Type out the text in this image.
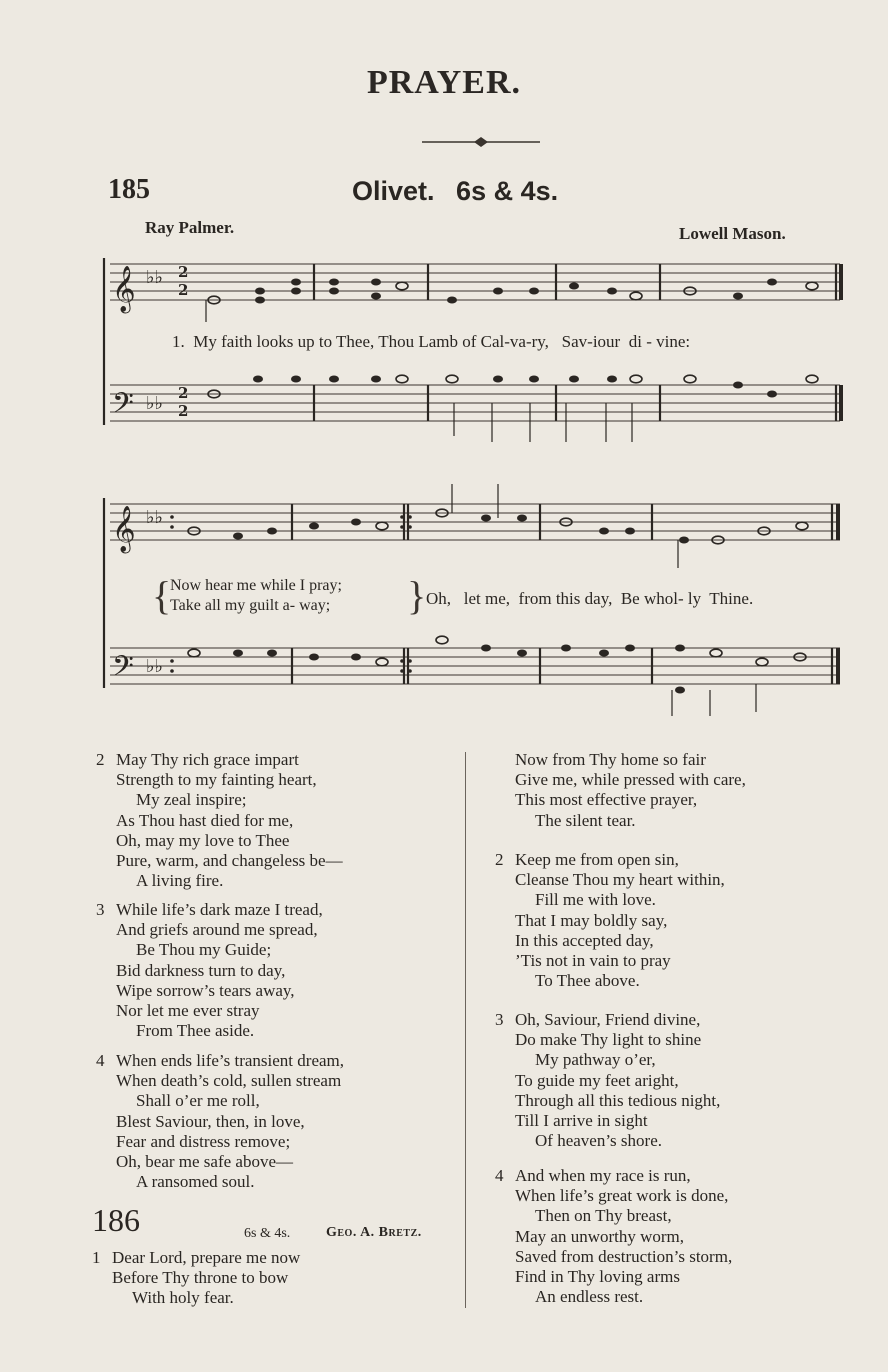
PRAYER.
185	Olivet. 6s & 4s.
Ray Palmer.	Lowell Mason.
𝄞
𝄢
♭♭
♭♭
2
2
2
2
1.  My faith looks up to Thee, Thou Lamb of Cal-va-ry,   Sav-iour  di - vine:
𝄞
𝄢
♭♭
♭♭
Now hear me while I pray;
Take all my guilt a- way;
{	} Oh,   let me,  from this day,  Be whol- ly  Thine.
2 May Thy rich grace impart
Strength to my fainting heart,
My zeal inspire;
As Thou hast died for me,
Oh, may my love to Thee
Pure, warm, and changeless be—
A living fire.
3 While life’s dark maze I tread,
And griefs around me spread,
Be Thou my Guide;
Bid darkness turn to day,
Wipe sorrow’s tears away,
Nor let me ever stray
From Thee aside.
4 When ends life’s transient dream,
When death’s cold, sullen stream
Shall o’er me roll,
Blest Saviour, then, in love,
Fear and distress remove;
Oh, bear me safe above—
A ransomed soul.
186	6s & 4s.	Geo. A. Bretz.
1 Dear Lord, prepare me now
Before Thy throne to bow
With holy fear.
Now from Thy home so fair
Give me, while pressed with care,
This most effective prayer,
The silent tear.
2 Keep me from open sin,
Cleanse Thou my heart within,
Fill me with love.
That I may boldly say,
In this accepted day,
’Tis not in vain to pray
To Thee above.
3 Oh, Saviour, Friend divine,
Do make Thy light to shine
My pathway o’er,
To guide my feet aright,
Through all this tedious night,
Till I arrive in sight
Of heaven’s shore.
4 And when my race is run,
When life’s great work is done,
Then on Thy breast,
May an unworthy worm,
Saved from destruction’s storm,
Find in Thy loving arms
An endless rest.
